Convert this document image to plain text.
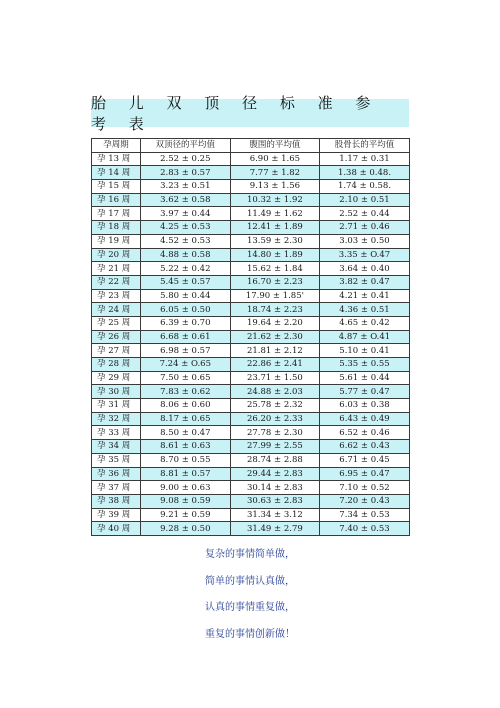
胎 儿 双 顶 径 标 准 参 考 表
孕周期	双顶径的平均值	腹围的平均值	股骨长的平均值
孕 13 周	2.52 ± 0.25	6.90 ± 1.65	1.17 ± 0.31
孕 14 周	2.83 ± 0.57	7.77 ± 1.82	1.38 ± 0.48.
孕 15 周	3.23 ± 0.51	9.13 ± 1.56	1.74 ± 0.58.
孕 16 周	3.62 ± 0.58	10.32 ± 1.92	2.10 ± 0.51
孕 17 周	3.97 ± 0.44	11.49 ± 1.62	2.52 ± 0.44
孕 18 周	4.25 ± 0.53	12.41 ± 1.89	2.71 ± 0.46
孕 19 周	4.52 ± 0.53	13.59 ± 2.30	3.03 ± 0.50
孕 20 周	4.88 ± 0.58	14.80 ± 1.89	3.35 ± O.47
孕 21 周	5.22 ± 0.42	15.62 ± 1.84	3.64 ± 0.40
孕 22 周	5.45 ± 0.57	16.70 ± 2.23	3.82 ± 0.47
孕 23 周	5.80 ± 0.44	17.90 ± 1.85'	4.21 ± 0.41
孕 24 周	6.05 ± 0.50	18.74 ± 2.23	4.36 ± 0.51
孕 25 周	6.39 ± 0.70	19.64 ± 2.20	4.65 ± 0.42
孕 26 周	6.68 ± 0.61	21.62 ± 2.30	4.87 ± O.41
孕 27 周	6.98 ± 0.57	21.81 ± 2.12	5.10 ± 0.41
孕 28 周	7.24 ± O.65	22.86 ± 2.41	5.35 ± 0.55
孕 29 周	7.50 ± 0.65	23.71 ± 1.50	5.61 ± 0.44
孕 30 周	7.83 ± 0.62	24.88 ± 2.03	5.77 ± 0.47
孕 31 周	8.06 ± 0.60	25.78 ± 2.32	6.03 ± 0.38
孕 32 周	8.17 ± 0.65	26.20 ± 2.33	6.43 ± 0.49
孕 33 周	8.50 ± 0.47	27.78 ± 2.30	6.52 ± 0.46
孕 34 周	8.61 ± 0.63	27.99 ± 2.55	6.62 ± 0.43
孕 35 周	8.70 ± 0.55	28.74 ± 2.88	6.71 ± 0.45
孕 36 周	8.81 ± 0.57	29.44 ± 2.83	6.95 ± 0.47
孕 37 周	9.00 ± 0.63	30.14 ± 2.83	7.10 ± 0.52
孕 38 周	9.08 ± 0.59	30.63 ± 2.83	7.20 ± 0.43
孕 39 周	9.21 ± 0.59	31.34 ± 3.12	7.34 ± 0.53
孕 40 周	9.28 ± 0.50	31.49 ± 2.79	7.40 ± 0.53
复杂的事情简单做，
简单的事情认真做，
认真的事情重复做，
重复的事情创新做！
